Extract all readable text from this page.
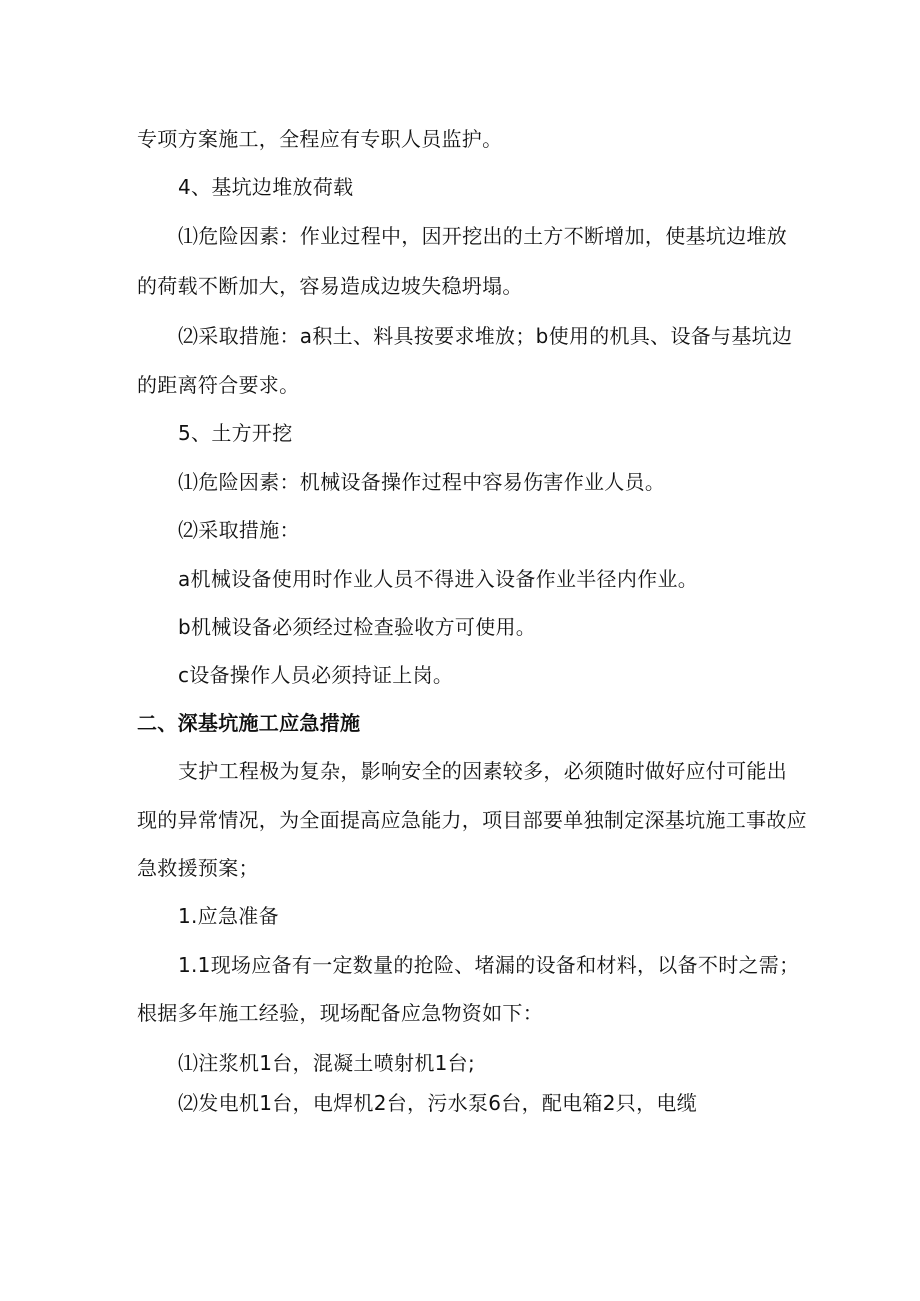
专项方案施工，全程应有专职人员监护。
4、基坑边堆放荷载
⑴危险因素：作业过程中，因开挖出的土方不断增加，使基坑边堆放
的荷载不断加大，容易造成边坡失稳坍塌。
⑵采取措施：a积土、料具按要求堆放；b使用的机具、设备与基坑边
的距离符合要求。
5、土方开挖
⑴危险因素：机械设备操作过程中容易伤害作业人员。
⑵采取措施：
a机械设备使用时作业人员不得进入设备作业半径内作业。
b机械设备必须经过检查验收方可使用。
c设备操作人员必须持证上岗。
二、深基坑施工应急措施
支护工程极为复杂，影响安全的因素较多，必须随时做好应付可能出
现的异常情况，为全面提高应急能力，项目部要单独制定深基坑施工事故应
急救援预案；
1.应急准备
1.1现场应备有一定数量的抢险、堵漏的设备和材料，以备不时之需；
根据多年施工经验，现场配备应急物资如下：
⑴注浆机1台，混凝土喷射机1台;
⑵发电机1台，电焊机2台，污水泵6台，配电箱2只，电缆
